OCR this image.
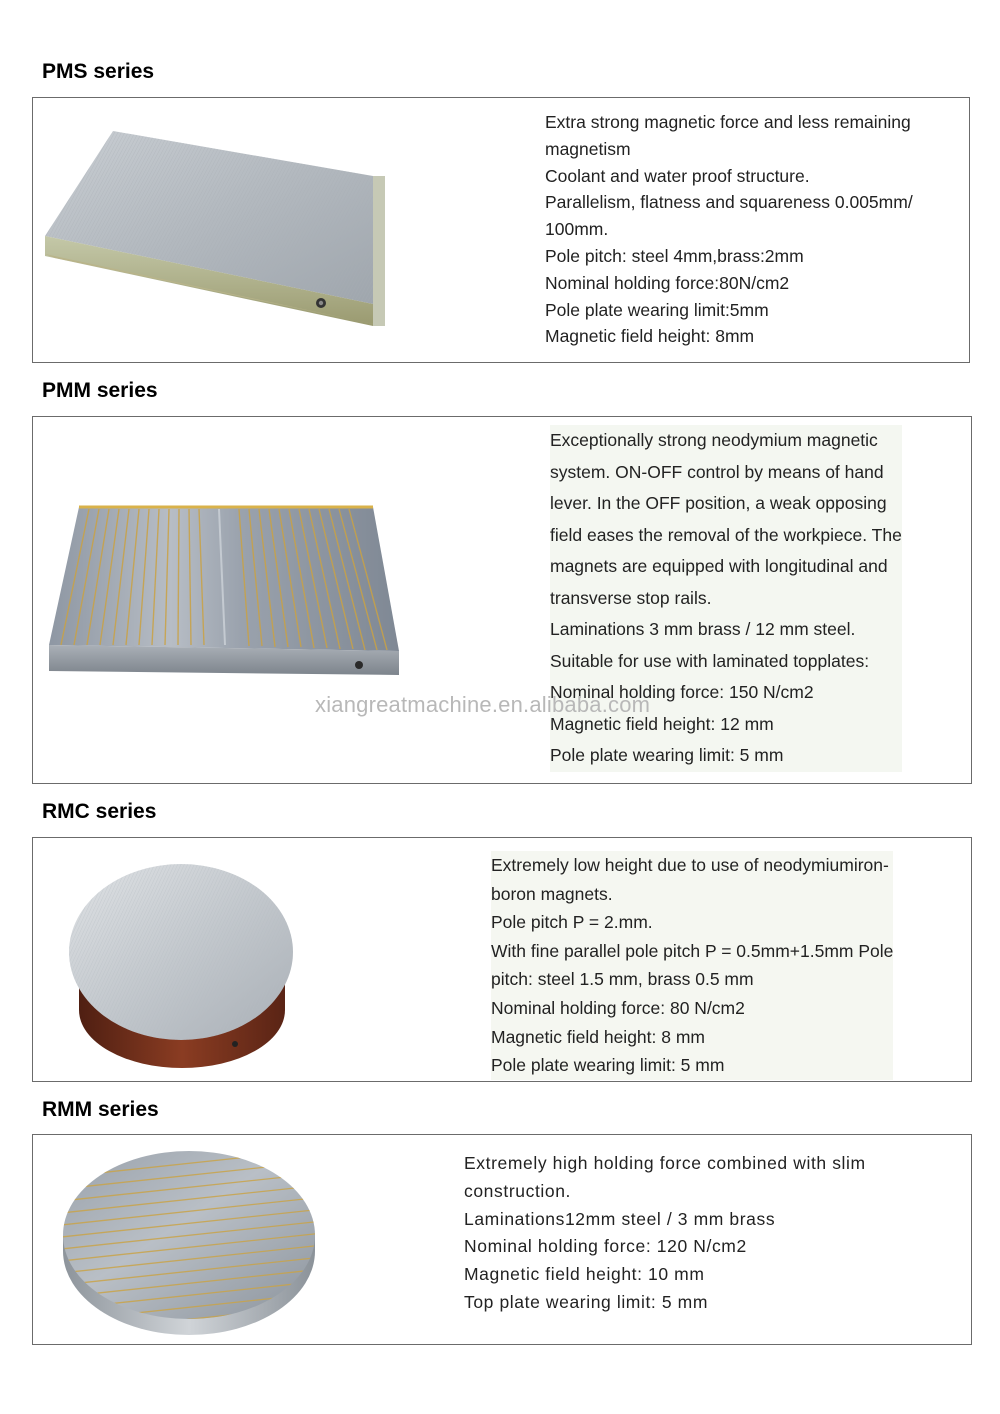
PMS series
Extra strong magnetic force and less remaining
magnetism
Coolant and water proof structure.
Parallelism, flatness and squareness 0.005mm/
100mm.
Pole pitch: steel 4mm,brass:2mm
Nominal holding force:80N/cm2
Pole plate wearing limit:5mm
Magnetic field height: 8mm
PMM series
Exceptionally strong neodymium magnetic
system. ON-OFF control by means of hand
lever. In the OFF position, a weak opposing
field eases the removal of the workpiece. The
magnets are equipped with longitudinal and
transverse stop rails.
Laminations 3 mm brass / 12 mm steel.
Suitable for use with laminated topplates:
Nominal holding force: 150 N/cm2
Magnetic field height: 12 mm
Pole plate wearing limit: 5 mm
xiangreatmachine.en.alibaba.com
RMC series
Extremely low height due to use of neodymiumiron-
boron magnets.
Pole pitch P = 2.mm.
With fine parallel pole pitch P = 0.5mm+1.5mm Pole
pitch: steel 1.5 mm, brass 0.5 mm
Nominal holding force: 80 N/cm2
Magnetic field height: 8 mm
Pole plate wearing limit: 5 mm
RMM series
Extremely high holding force combined with slim
construction.
Laminations12mm steel / 3 mm brass
Nominal holding force: 120 N/cm2
Magnetic field height: 10 mm
Top plate wearing limit: 5 mm
